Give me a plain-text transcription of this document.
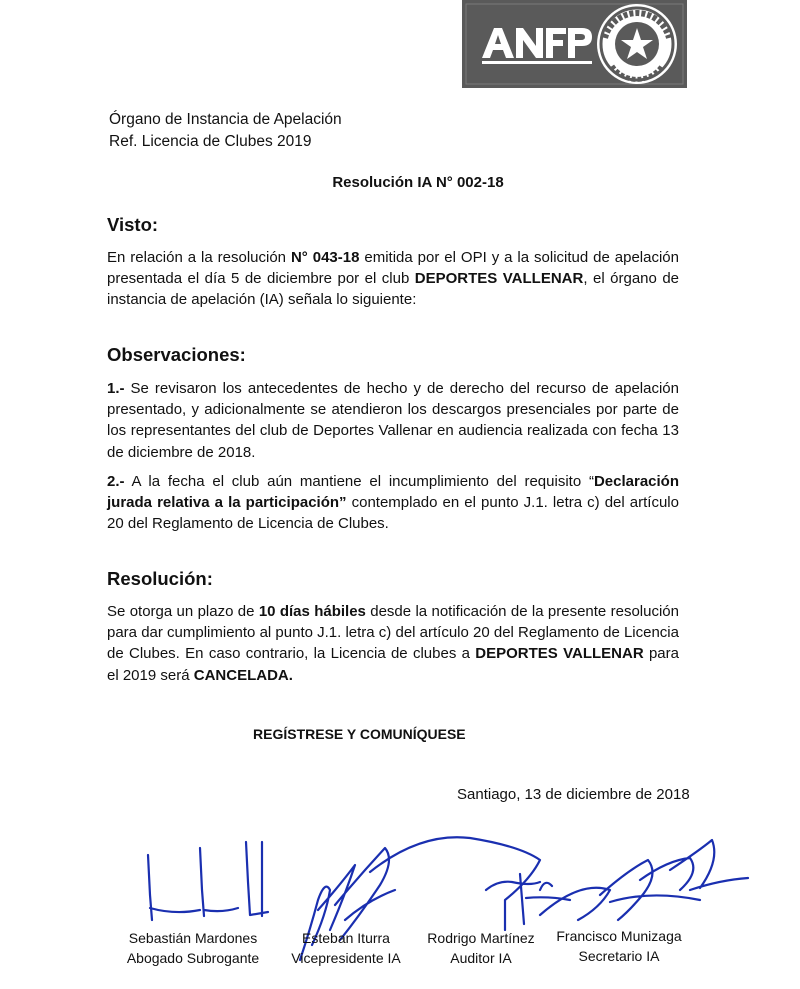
Órgano de Instancia de Apelación
Ref. Licencia de Clubes 2019
Resolución IA N° 002-18
Visto:
En relación a la resolución N° 043-18 emitida por el OPI y a la solicitud de apelación presentada el día 5 de diciembre por el club DEPORTES VALLENAR, el órgano de instancia de apelación (IA) señala lo siguiente:
Observaciones:
1.- Se revisaron los antecedentes de hecho y de derecho del recurso de apelación presentado, y adicionalmente se atendieron los descargos presenciales por parte de los representantes del club de Deportes Vallenar en audiencia realizada con fecha 13 de diciembre de 2018.
2.- A la fecha el club aún mantiene el incumplimiento del requisito “Declaración jurada relativa a la participación” contemplado en el punto J.1. letra c) del artículo 20 del Reglamento de Licencia de Clubes.
Resolución:
Se otorga un plazo de 10 días hábiles desde la notificación de la presente resolución para dar cumplimiento al punto J.1. letra c) del artículo 20 del Reglamento de Licencia de Clubes. En caso contrario, la Licencia de clubes a DEPORTES VALLENAR para el 2019 será CANCELADA.
REGÍSTRESE Y COMUNÍQUESE
Santiago, 13 de diciembre de 2018
Sebastián Mardones
Abogado Subrogante
Esteban Iturra
Vicepresidente IA
Rodrigo Martínez
Auditor IA
Francisco Munizaga
Secretario IA
